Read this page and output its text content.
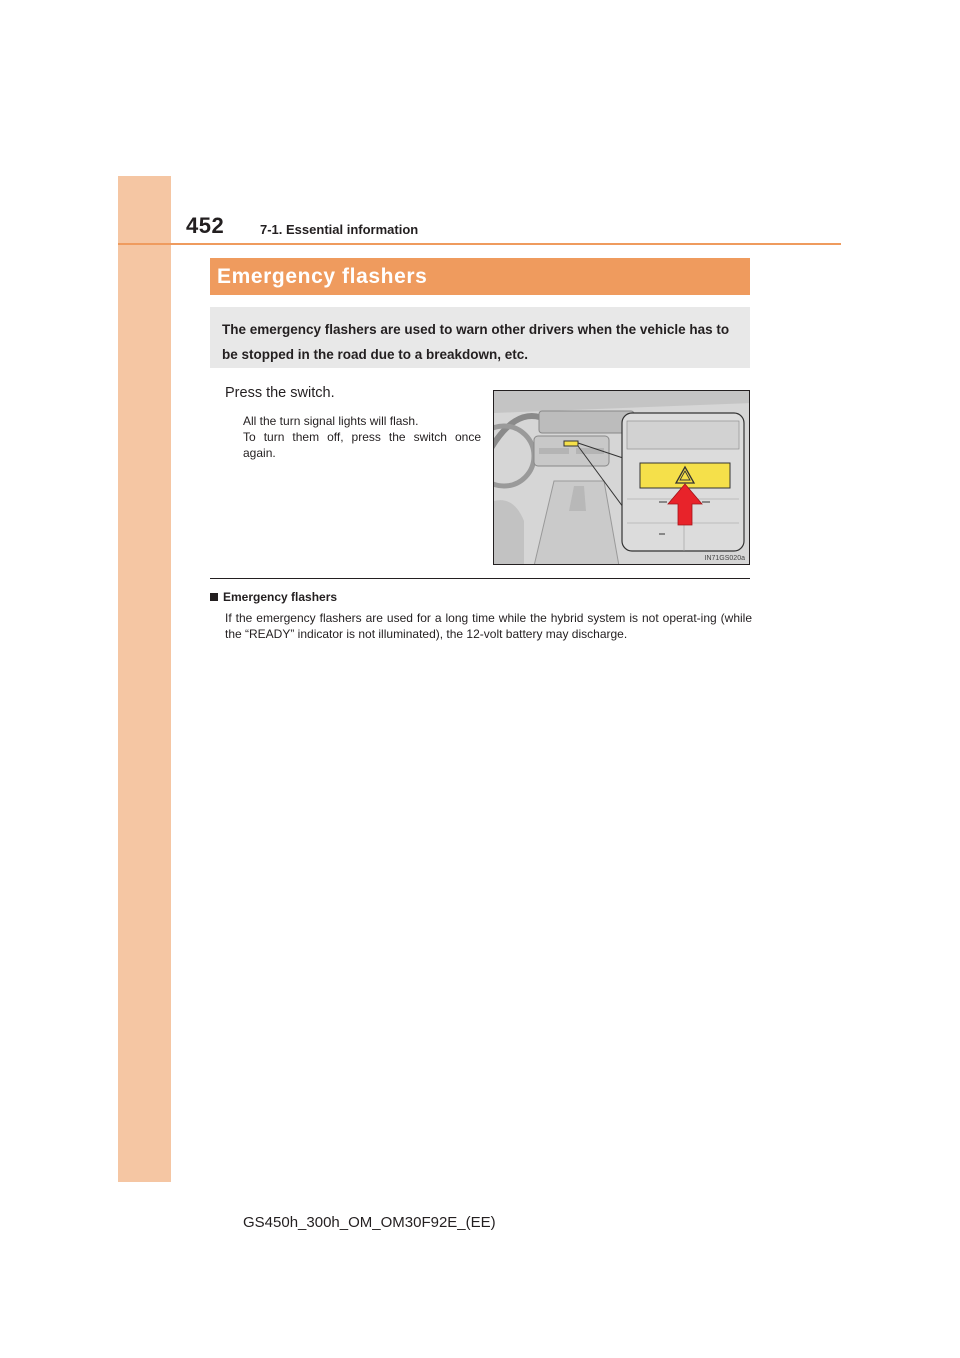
452	7-1. Essential information
Emergency flashers
The emergency flashers are used to warn other drivers when the vehicle has to be stopped in the road due to a breakdown, etc.
Press the switch.
All the turn signal lights will flash.
To turn them off, press the switch once again.
IN71GS020a
Emergency flashers
If the emergency flashers are used for a long time while the hybrid system is not operat-ing (while the “READY” indicator is not illuminated), the 12-volt battery may discharge.
GS450h_300h_OM_OM30F92E_(EE)
